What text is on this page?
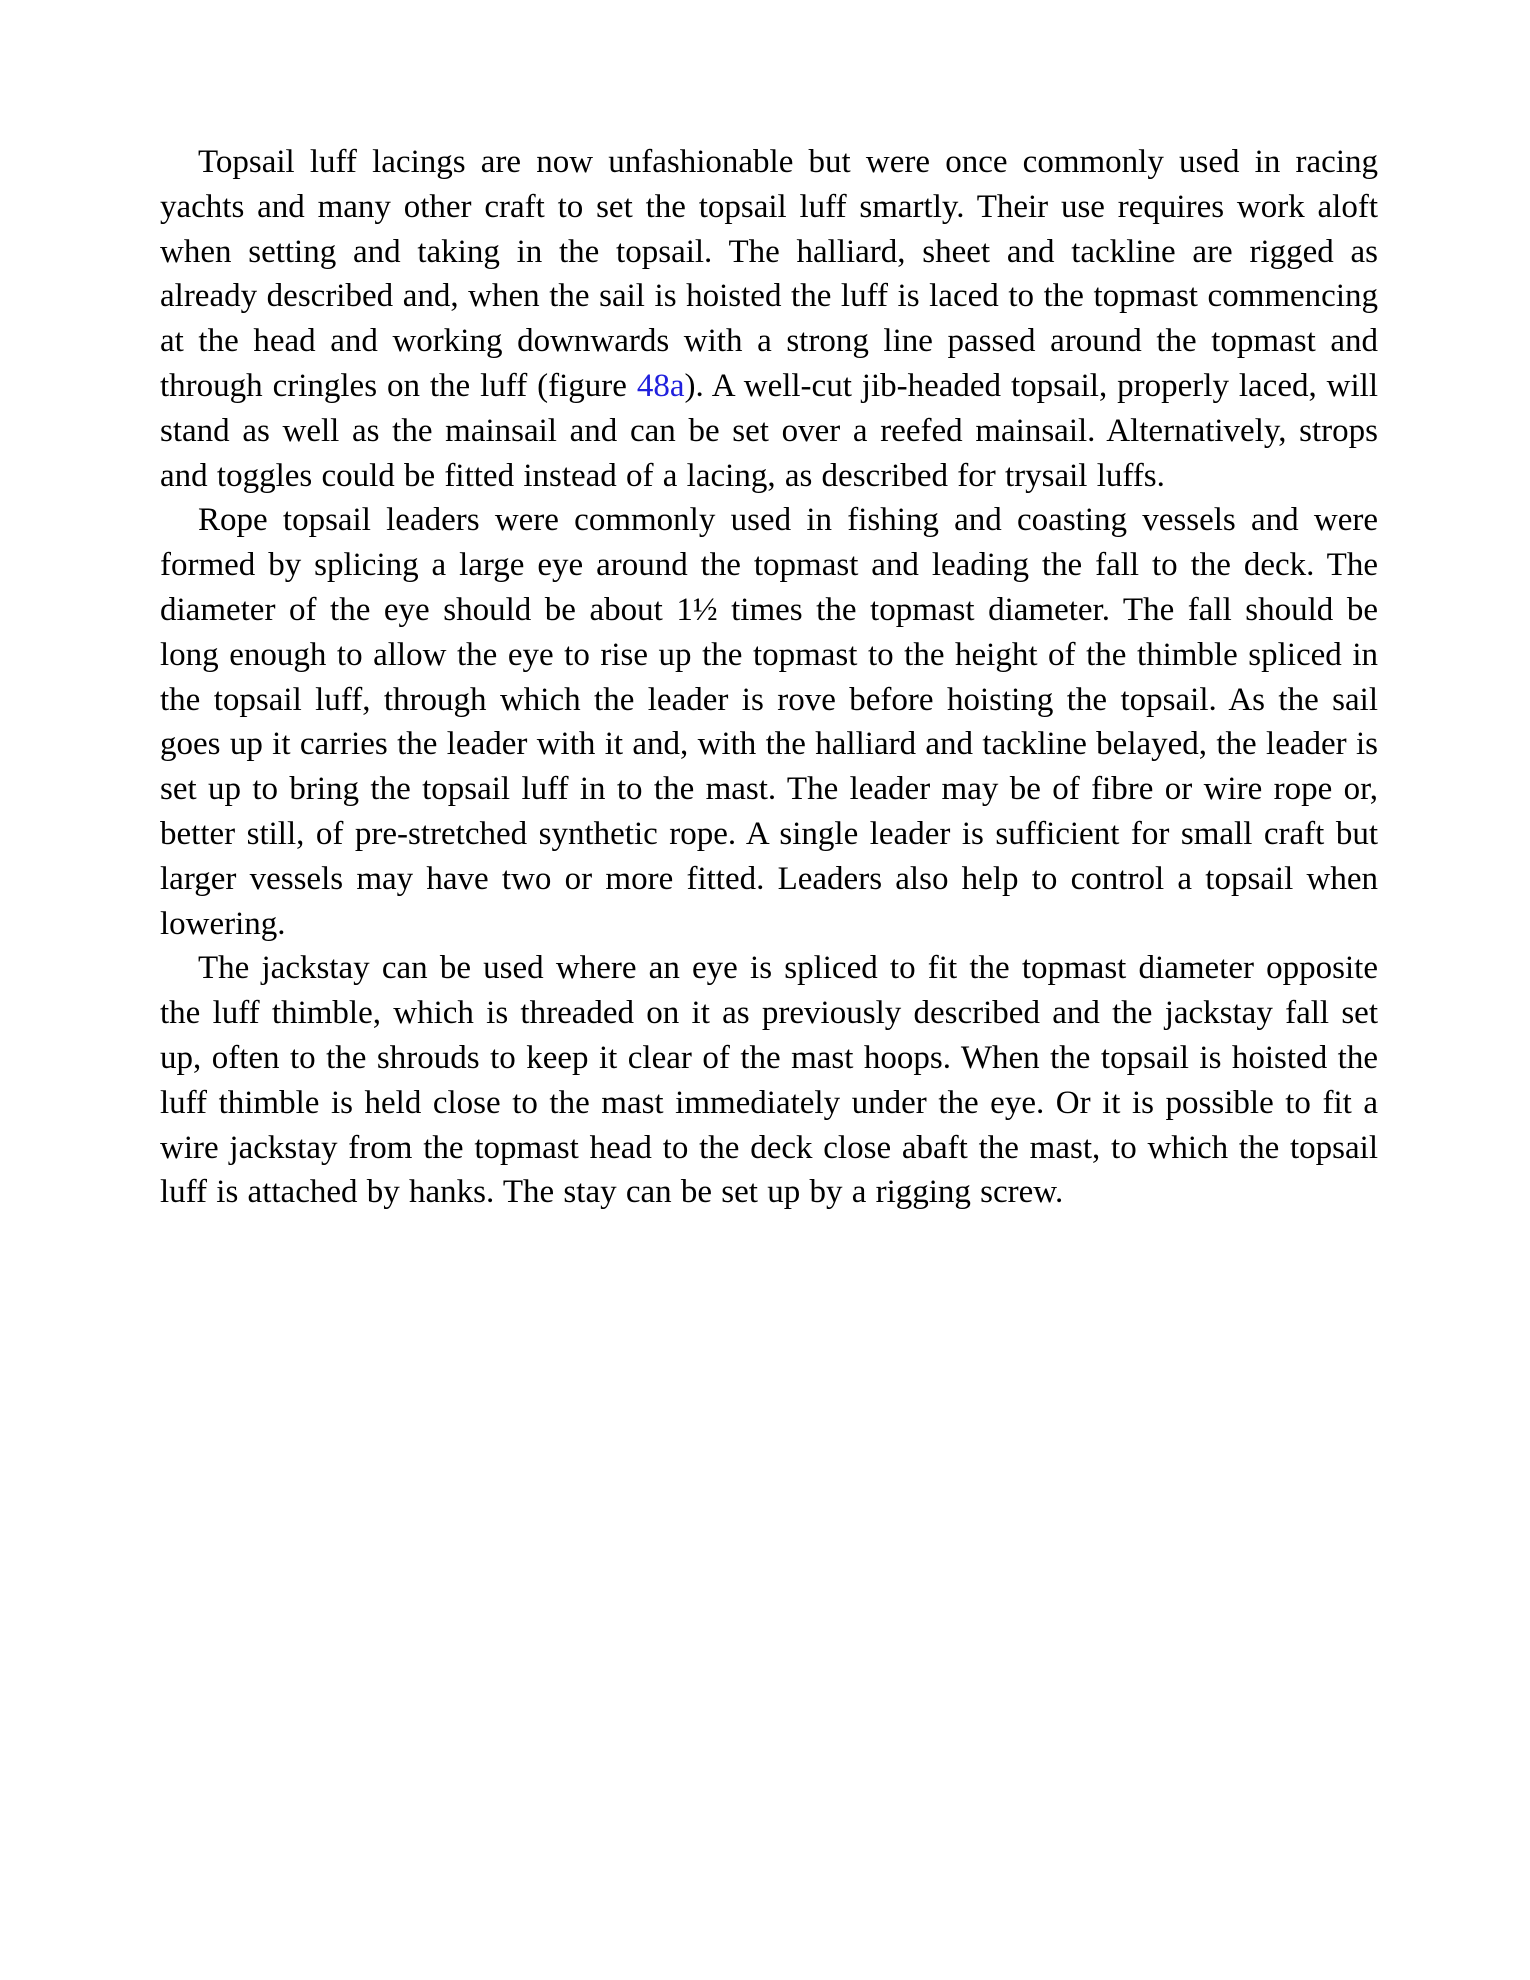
Topsail luff lacings are now unfashionable but were once commonly used in racing yachts and many other craft to set the topsail luff smartly. Their use requires work aloft when setting and taking in the topsail. The halliard, sheet and tackline are rigged as already described and, when the sail is hoisted the luff is laced to the topmast commencing at the head and working downwards with a strong line passed around the topmast and through cringles on the luff (figure 48a). A well-cut jib-headed topsail, properly laced, will stand as well as the mainsail and can be set over a reefed mainsail. Alternatively, strops and toggles could be fitted instead of a lacing, as described for trysail luffs.

Rope topsail leaders were commonly used in fishing and coasting vessels and were formed by splicing a large eye around the topmast and leading the fall to the deck. The diameter of the eye should be about 1½ times the topmast diameter. The fall should be long enough to allow the eye to rise up the topmast to the height of the thimble spliced in the topsail luff, through which the leader is rove before hoisting the topsail. As the sail goes up it carries the leader with it and, with the halliard and tackline belayed, the leader is set up to bring the topsail luff in to the mast. The leader may be of fibre or wire rope or, better still, of pre-stretched synthetic rope. A single leader is sufficient for small craft but larger vessels may have two or more fitted. Leaders also help to control a topsail when lowering.

The jackstay can be used where an eye is spliced to fit the topmast diameter opposite the luff thimble, which is threaded on it as previously described and the jackstay fall set up, often to the shrouds to keep it clear of the mast hoops. When the topsail is hoisted the luff thimble is held close to the mast immediately under the eye. Or it is possible to fit a wire jackstay from the topmast head to the deck close abaft the mast, to which the topsail luff is attached by hanks. The stay can be set up by a rigging screw.
